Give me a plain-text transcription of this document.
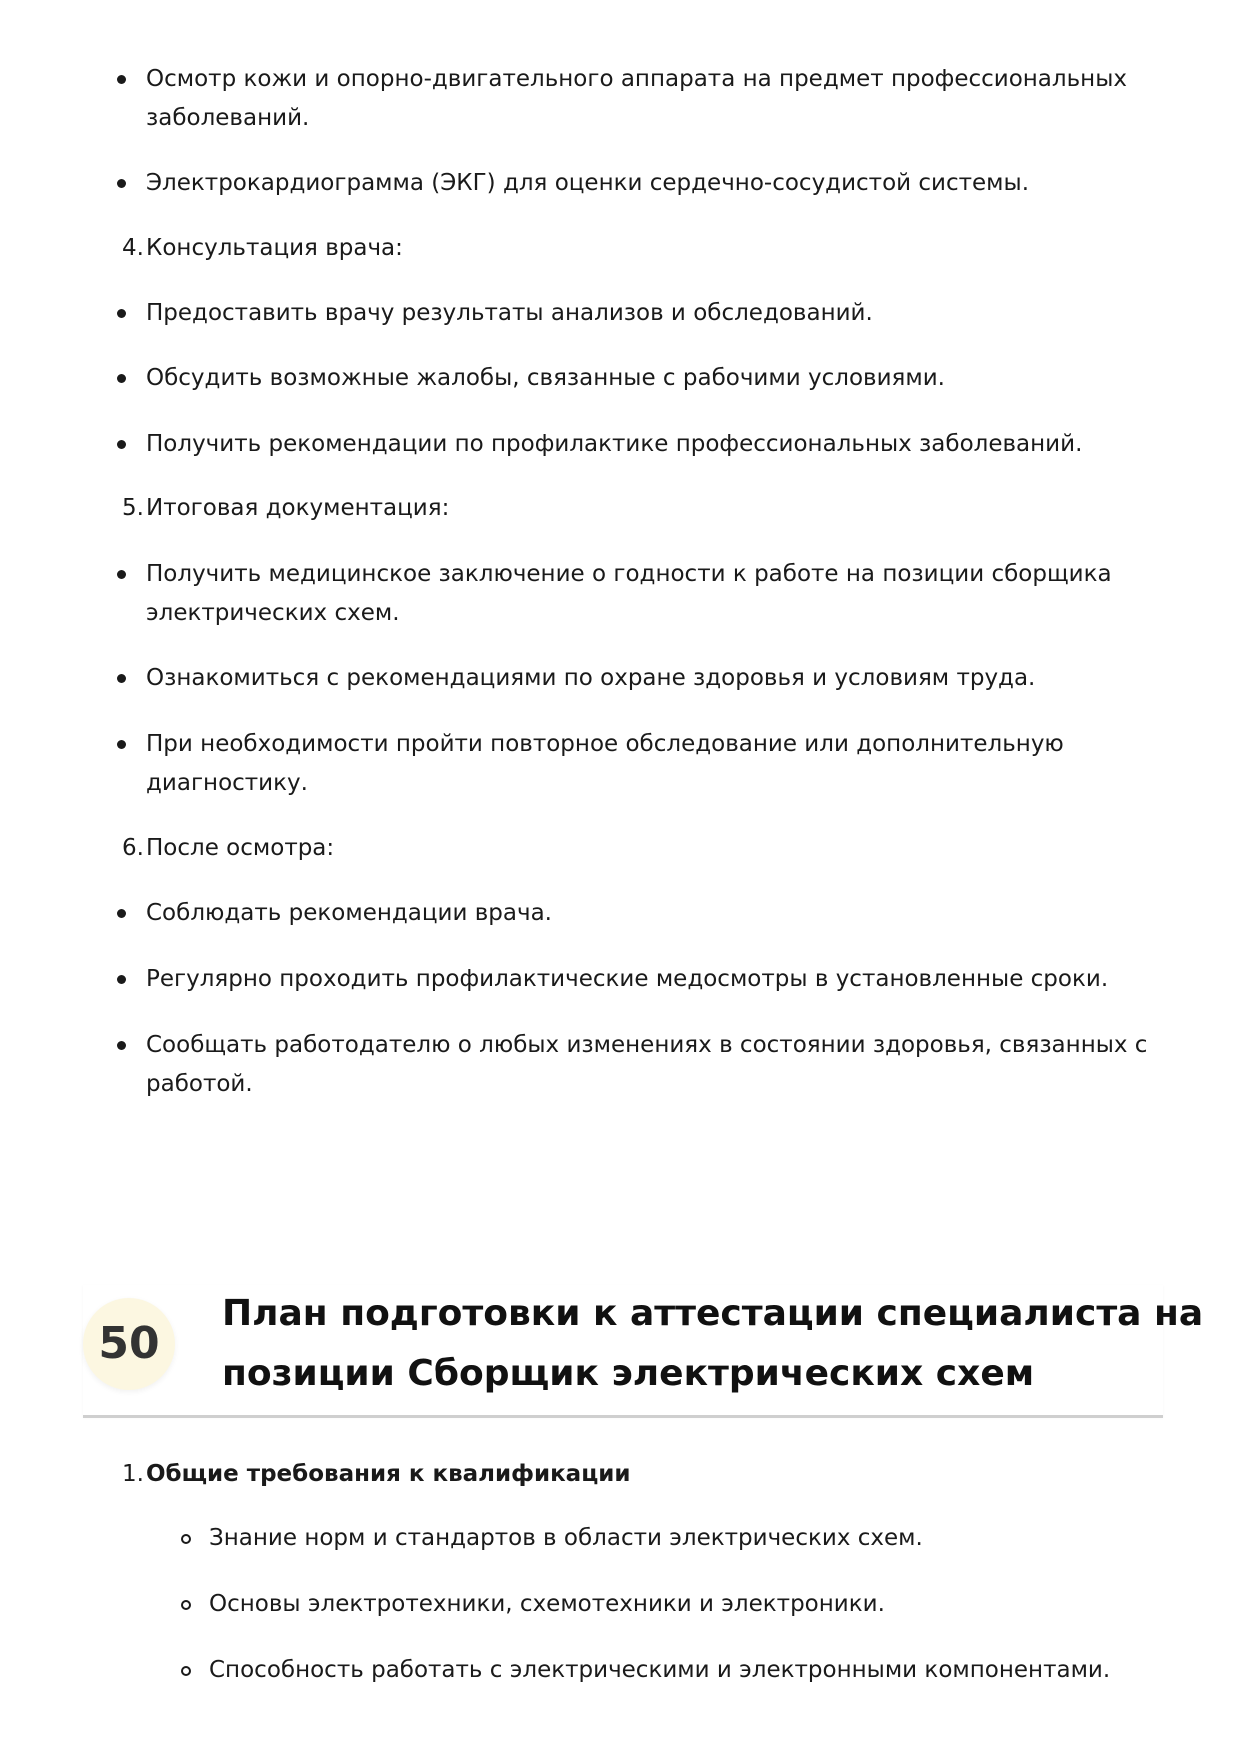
Осмотр кожи и опорно-двигательного аппарата на предмет профессиональных
заболеваний.
Электрокардиограмма (ЭКГ) для оценки сердечно-сосудистой системы.
4. Консультация врача:
Предоставить врачу результаты анализов и обследований.
Обсудить возможные жалобы, связанные с рабочими условиями.
Получить рекомендации по профилактике профессиональных заболеваний.
5. Итоговая документация:
Получить медицинское заключение о годности к работе на позиции сборщика
электрических схем.
Ознакомиться с рекомендациями по охране здоровья и условиям труда.
При необходимости пройти повторное обследование или дополнительную
диагностику.
6. После осмотра:
Соблюдать рекомендации врача.
Регулярно проходить профилактические медосмотры в установленные сроки.
Сообщать работодателю о любых изменениях в состоянии здоровья, связанных с
работой.
50
План подготовки к аттестации специалиста на
позиции Сборщик электрических схем
1. Общие требования к квалификации
Знание норм и стандартов в области электрических схем.
Основы электротехники, схемотехники и электроники.
Способность работать с электрическими и электронными компонентами.
